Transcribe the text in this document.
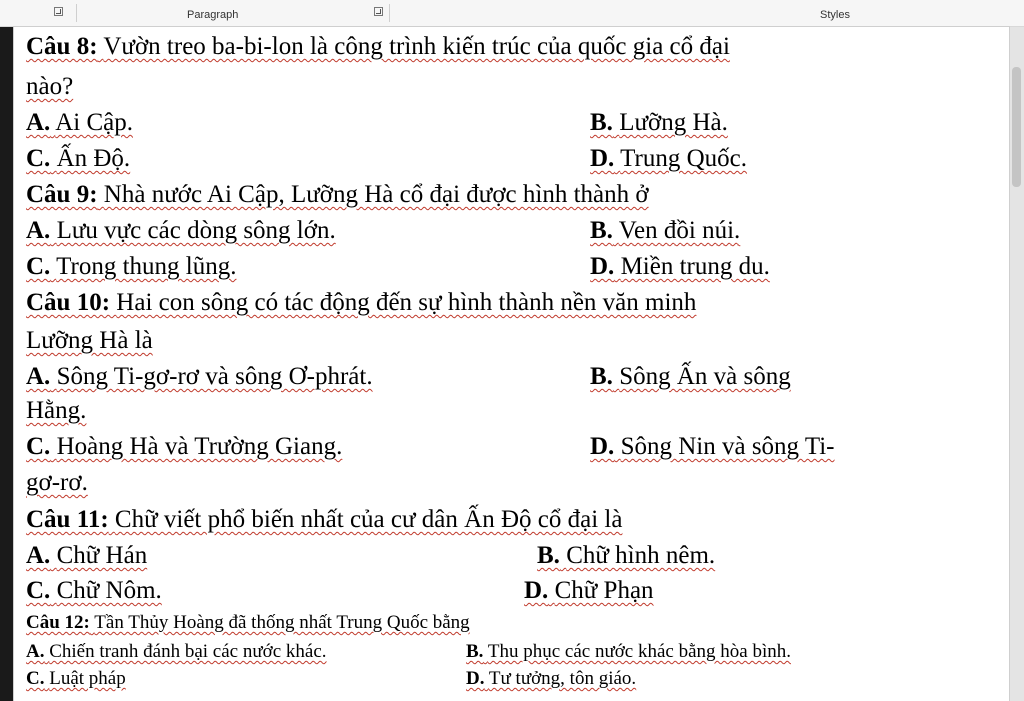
Paragraph	Styles
Câu 8: Vườn treo ba-bi-lon là công trình kiến trúc của quốc gia cổ đại
nào?
A. Ai Cập.	B. Lưỡng Hà.
C. Ấn Độ.	D. Trung Quốc.
Câu 9: Nhà nước Ai Cập, Lưỡng Hà cổ đại được hình thành ở
A. Lưu vực các dòng sông lớn.	B. Ven đồi núi.
C. Trong thung lũng.	D. Miền trung du.
Câu 10: Hai con sông có tác động đến sự hình thành nền văn minh
Lưỡng Hà là
A. Sông Ti-gơ-rơ và sông Ơ-phrát.	B. Sông Ấn và sông
Hằng.
C. Hoàng Hà và Trường Giang.	D. Sông Nin và sông Ti-
gơ-rơ.
Câu 11: Chữ viết phổ biến nhất của cư dân Ấn Độ cổ đại là
A. Chữ Hán	B. Chữ hình nêm.
C. Chữ Nôm.	D. Chữ Phạn
Câu 12: Tần Thủy Hoàng đã thống nhất Trung Quốc bằng
A. Chiến tranh đánh bại các nước khác.	B. Thu phục các nước khác bằng hòa bình.
C. Luật pháp	D. Tư tưởng, tôn giáo.
